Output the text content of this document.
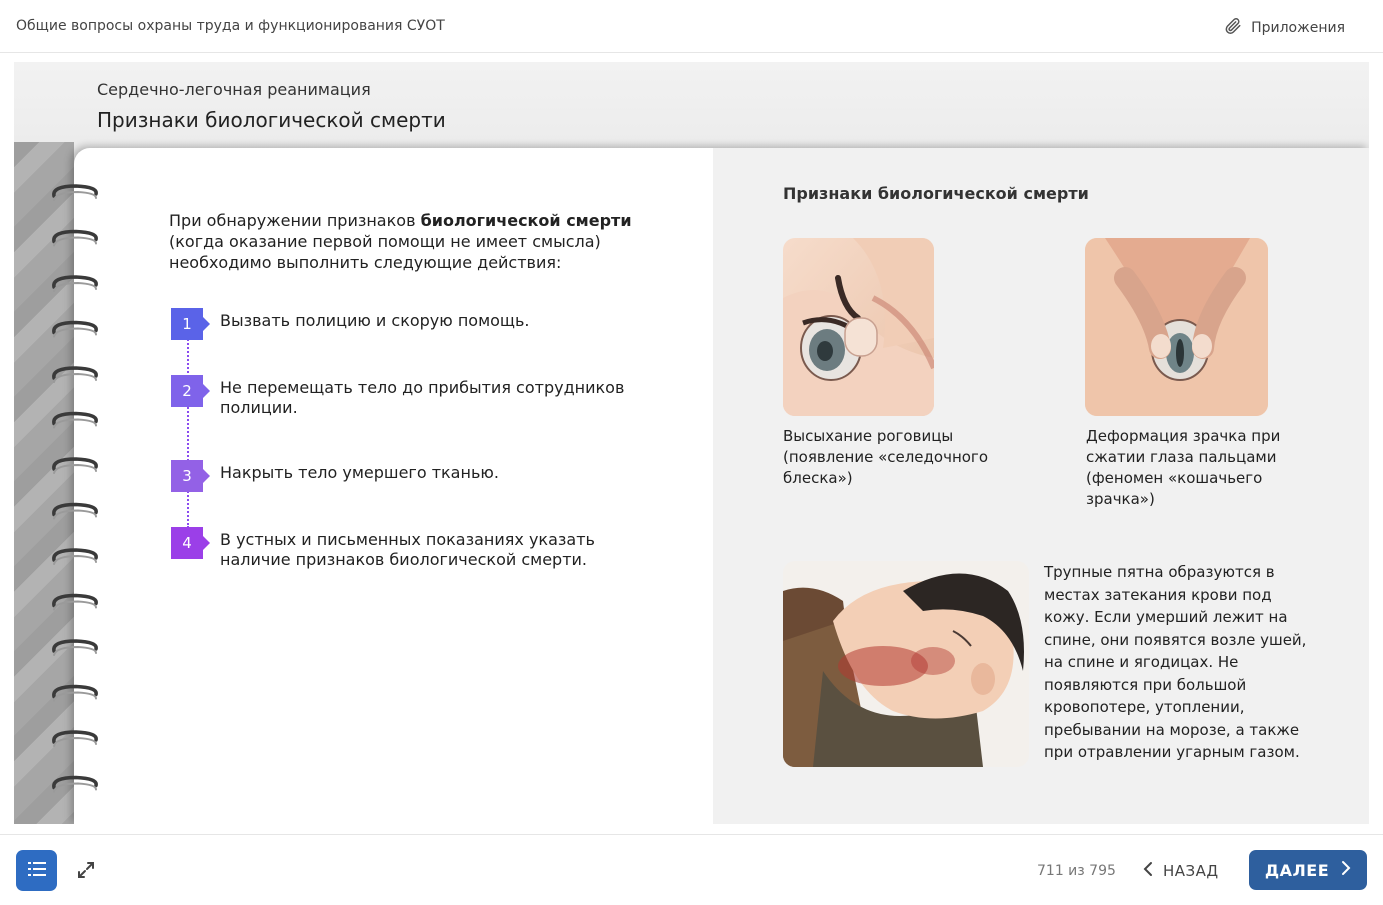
Общие вопросы охраны труда и функционирования СУОТ	Приложения
Сердечно-легочная реанимация
Признаки биологической смерти
При обнаружении признаков биологической смерти
(когда оказание первой помощи не имеет смысла) необходимо выполнить следующие действия:
1	Вызвать полицию и скорую помощь.
2	Не перемещать тело до прибытия сотрудников полиции.
3	Накрыть тело умершего тканью.
4	В устных и письменных показаниях указать наличие признаков биологической смерти.
Признаки биологической смерти
Высыхание роговицы (появление «селедочного блеска»)
Деформация зрачка при сжатии глаза пальцами (феномен «кошачьего зрачка»)
Трупные пятна образуются в местах затекания крови под кожу. Если умерший лежит на спине, они появятся возле ушей, на спине и ягодицах. Не появляются при большой кровопотере, утоплении, пребывании на морозе, а также при отравлении угарным газом.
711 из 795	НАЗАД	ДАЛЕЕ
